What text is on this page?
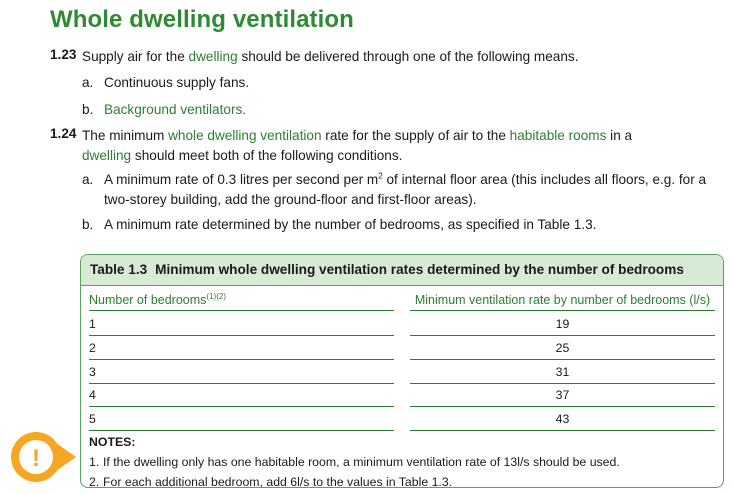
Whole dwelling ventilation
1.23 Supply air for the dwelling should be delivered through one of the following means.
a. Continuous supply fans.
b. Background ventilators.
1.24 The minimum whole dwelling ventilation rate for the supply of air to the habitable rooms in a
dwelling should meet both of the following conditions.
a. A minimum rate of 0.3 litres per second per $m^2$ of internal floor area (this includes all floors, e.g. for a two-storey building, add the ground-floor and first-floor areas).
b. A minimum rate determined by the number of bedrooms, as specified in Table 1.3.
Table 1.3 Minimum whole dwelling ventilation rates determined by the number of bedrooms
Number of bedrooms$^{(1)(2)}$	Minimum ventilation rate by number of bedrooms (l/s)
1	19
2	25
3	31
4	37
5	43
NOTES:
1. If the dwelling only has one habitable room, a minimum ventilation rate of 13l/s should be used.
2. For each additional bedroom, add 6l/s to the values in Table 1.3.
!
